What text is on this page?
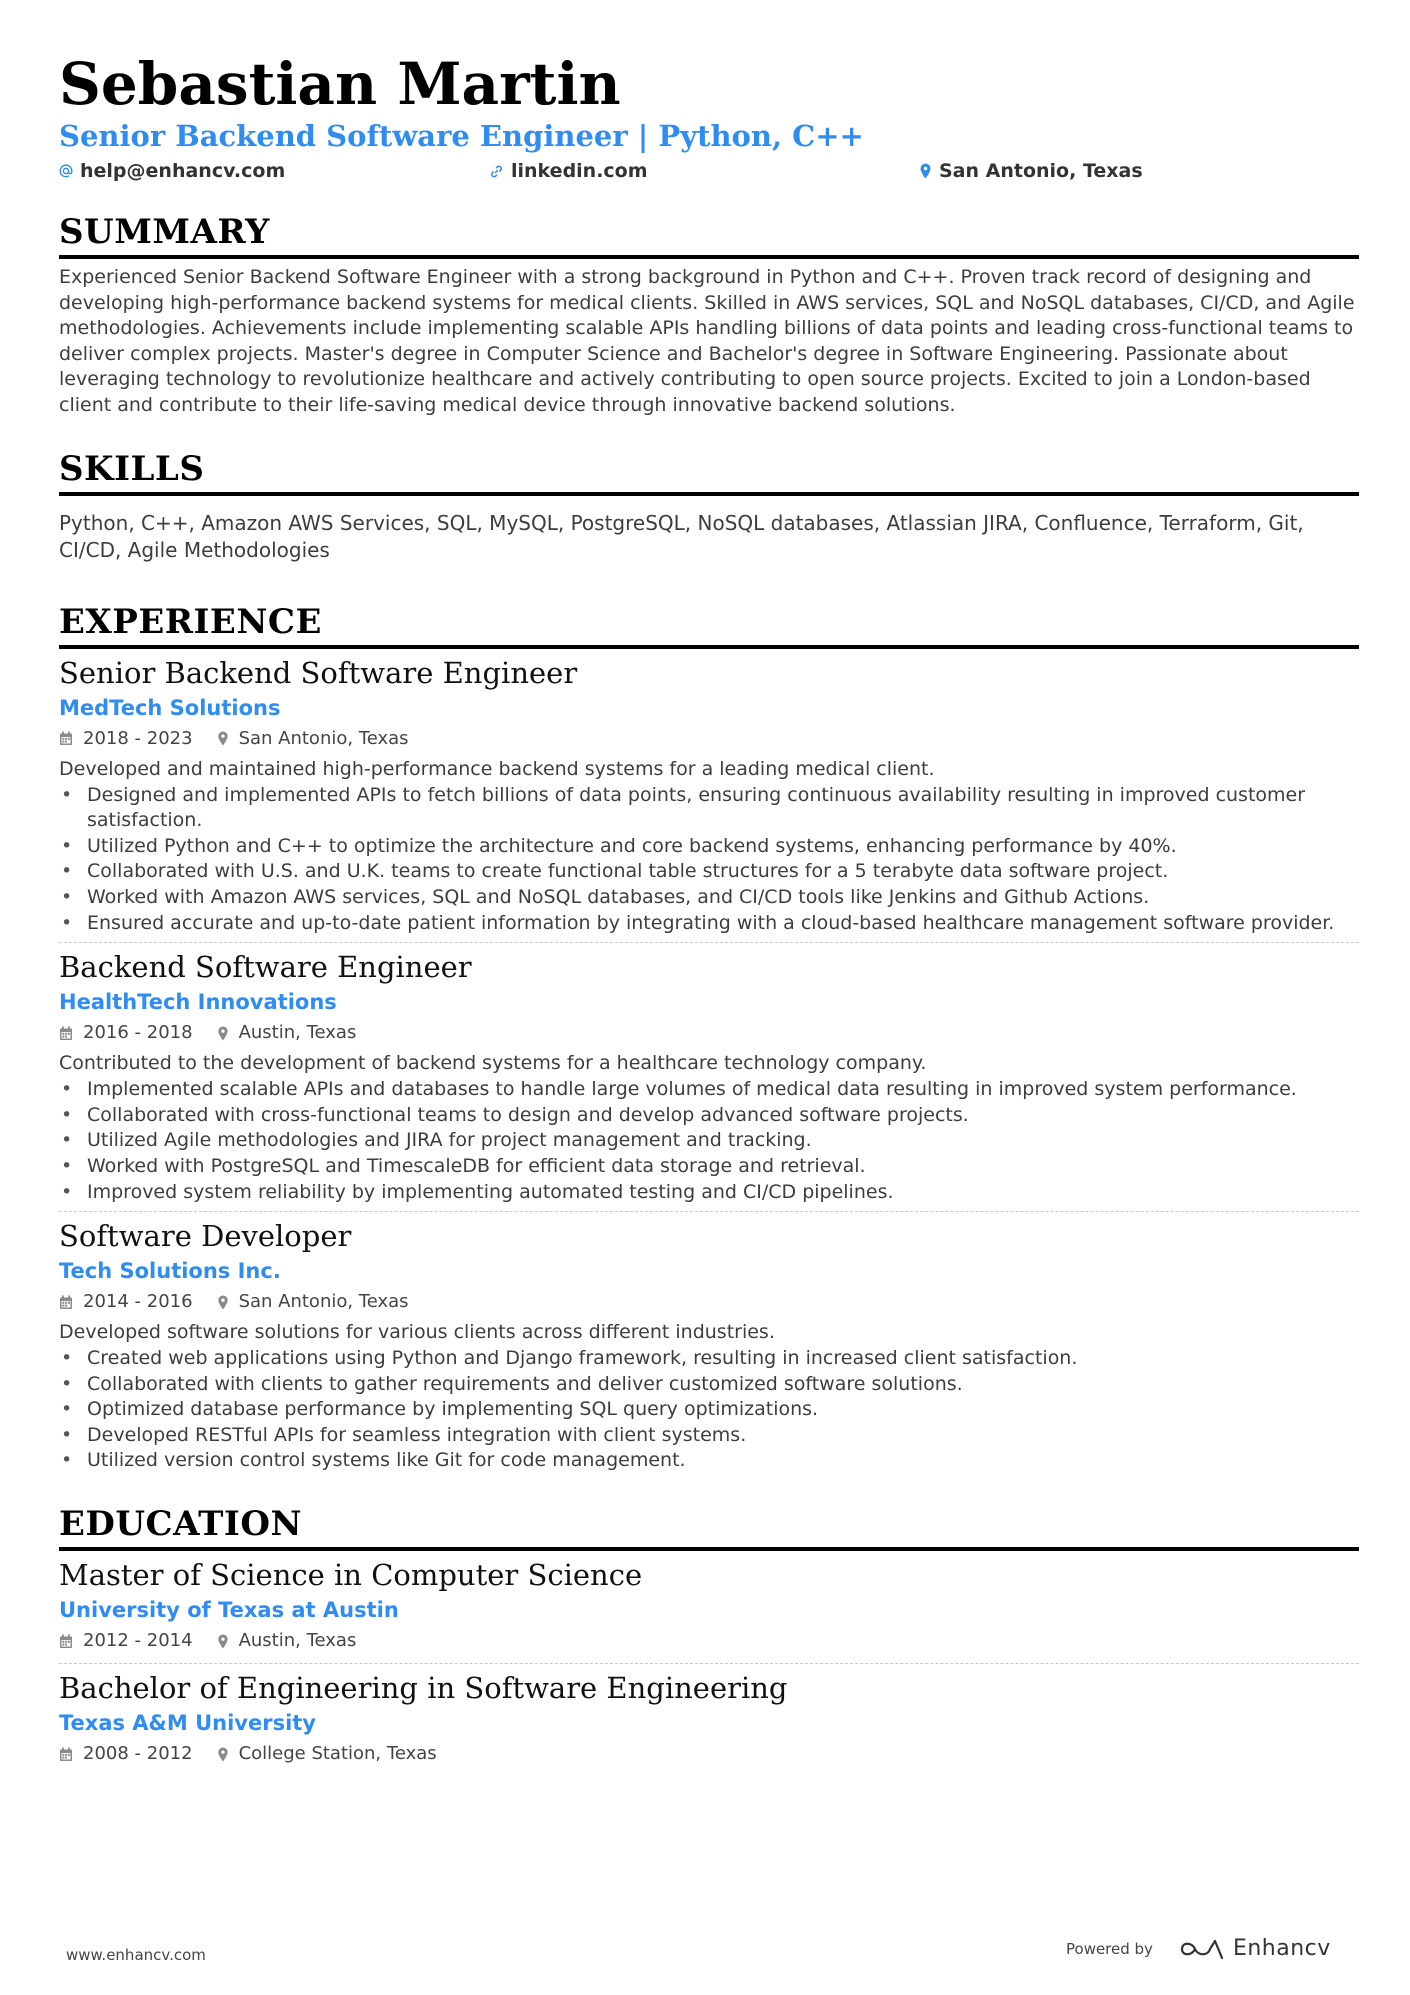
Sebastian Martin
Senior Backend Software Engineer | Python, C++
help@enhancv.com	linkedin.com	San Antonio, Texas
SUMMARY
Experienced Senior Backend Software Engineer with a strong background in Python and C++. Proven track record of designing and developing high-performance backend systems for medical clients. Skilled in AWS services, SQL and NoSQL databases, CI/CD, and Agile methodologies. Achievements include implementing scalable APIs handling billions of data points and leading cross-functional teams to deliver complex projects. Master's degree in Computer Science and Bachelor's degree in Software Engineering. Passionate about leveraging technology to revolutionize healthcare and actively contributing to open source projects. Excited to join a London-based client and contribute to their life-saving medical device through innovative backend solutions.
SKILLS
Python, C++, Amazon AWS Services, SQL, MySQL, PostgreSQL, NoSQL databases, Atlassian JIRA, Confluence, Terraform, Git, CI/CD, Agile Methodologies
EXPERIENCE
Senior Backend Software Engineer
MedTech Solutions
2018 - 2023	San Antonio, Texas
Developed and maintained high-performance backend systems for a leading medical client.
• Designed and implemented APIs to fetch billions of data points, ensuring continuous availability resulting in improved customer satisfaction.
• Utilized Python and C++ to optimize the architecture and core backend systems, enhancing performance by 40%.
• Collaborated with U.S. and U.K. teams to create functional table structures for a 5 terabyte data software project.
• Worked with Amazon AWS services, SQL and NoSQL databases, and CI/CD tools like Jenkins and Github Actions.
• Ensured accurate and up-to-date patient information by integrating with a cloud-based healthcare management software provider.
Backend Software Engineer
HealthTech Innovations
2016 - 2018	Austin, Texas
Contributed to the development of backend systems for a healthcare technology company.
• Implemented scalable APIs and databases to handle large volumes of medical data resulting in improved system performance.
• Collaborated with cross-functional teams to design and develop advanced software projects.
• Utilized Agile methodologies and JIRA for project management and tracking.
• Worked with PostgreSQL and TimescaleDB for efficient data storage and retrieval.
• Improved system reliability by implementing automated testing and CI/CD pipelines.
Software Developer
Tech Solutions Inc.
2014 - 2016	San Antonio, Texas
Developed software solutions for various clients across different industries.
• Created web applications using Python and Django framework, resulting in increased client satisfaction.
• Collaborated with clients to gather requirements and deliver customized software solutions.
• Optimized database performance by implementing SQL query optimizations.
• Developed RESTful APIs for seamless integration with client systems.
• Utilized version control systems like Git for code management.
EDUCATION
Master of Science in Computer Science
University of Texas at Austin
2012 - 2014	Austin, Texas
Bachelor of Engineering in Software Engineering
Texas A&M University
2008 - 2012	College Station, Texas
www.enhancv.com	Powered by	Enhancv
